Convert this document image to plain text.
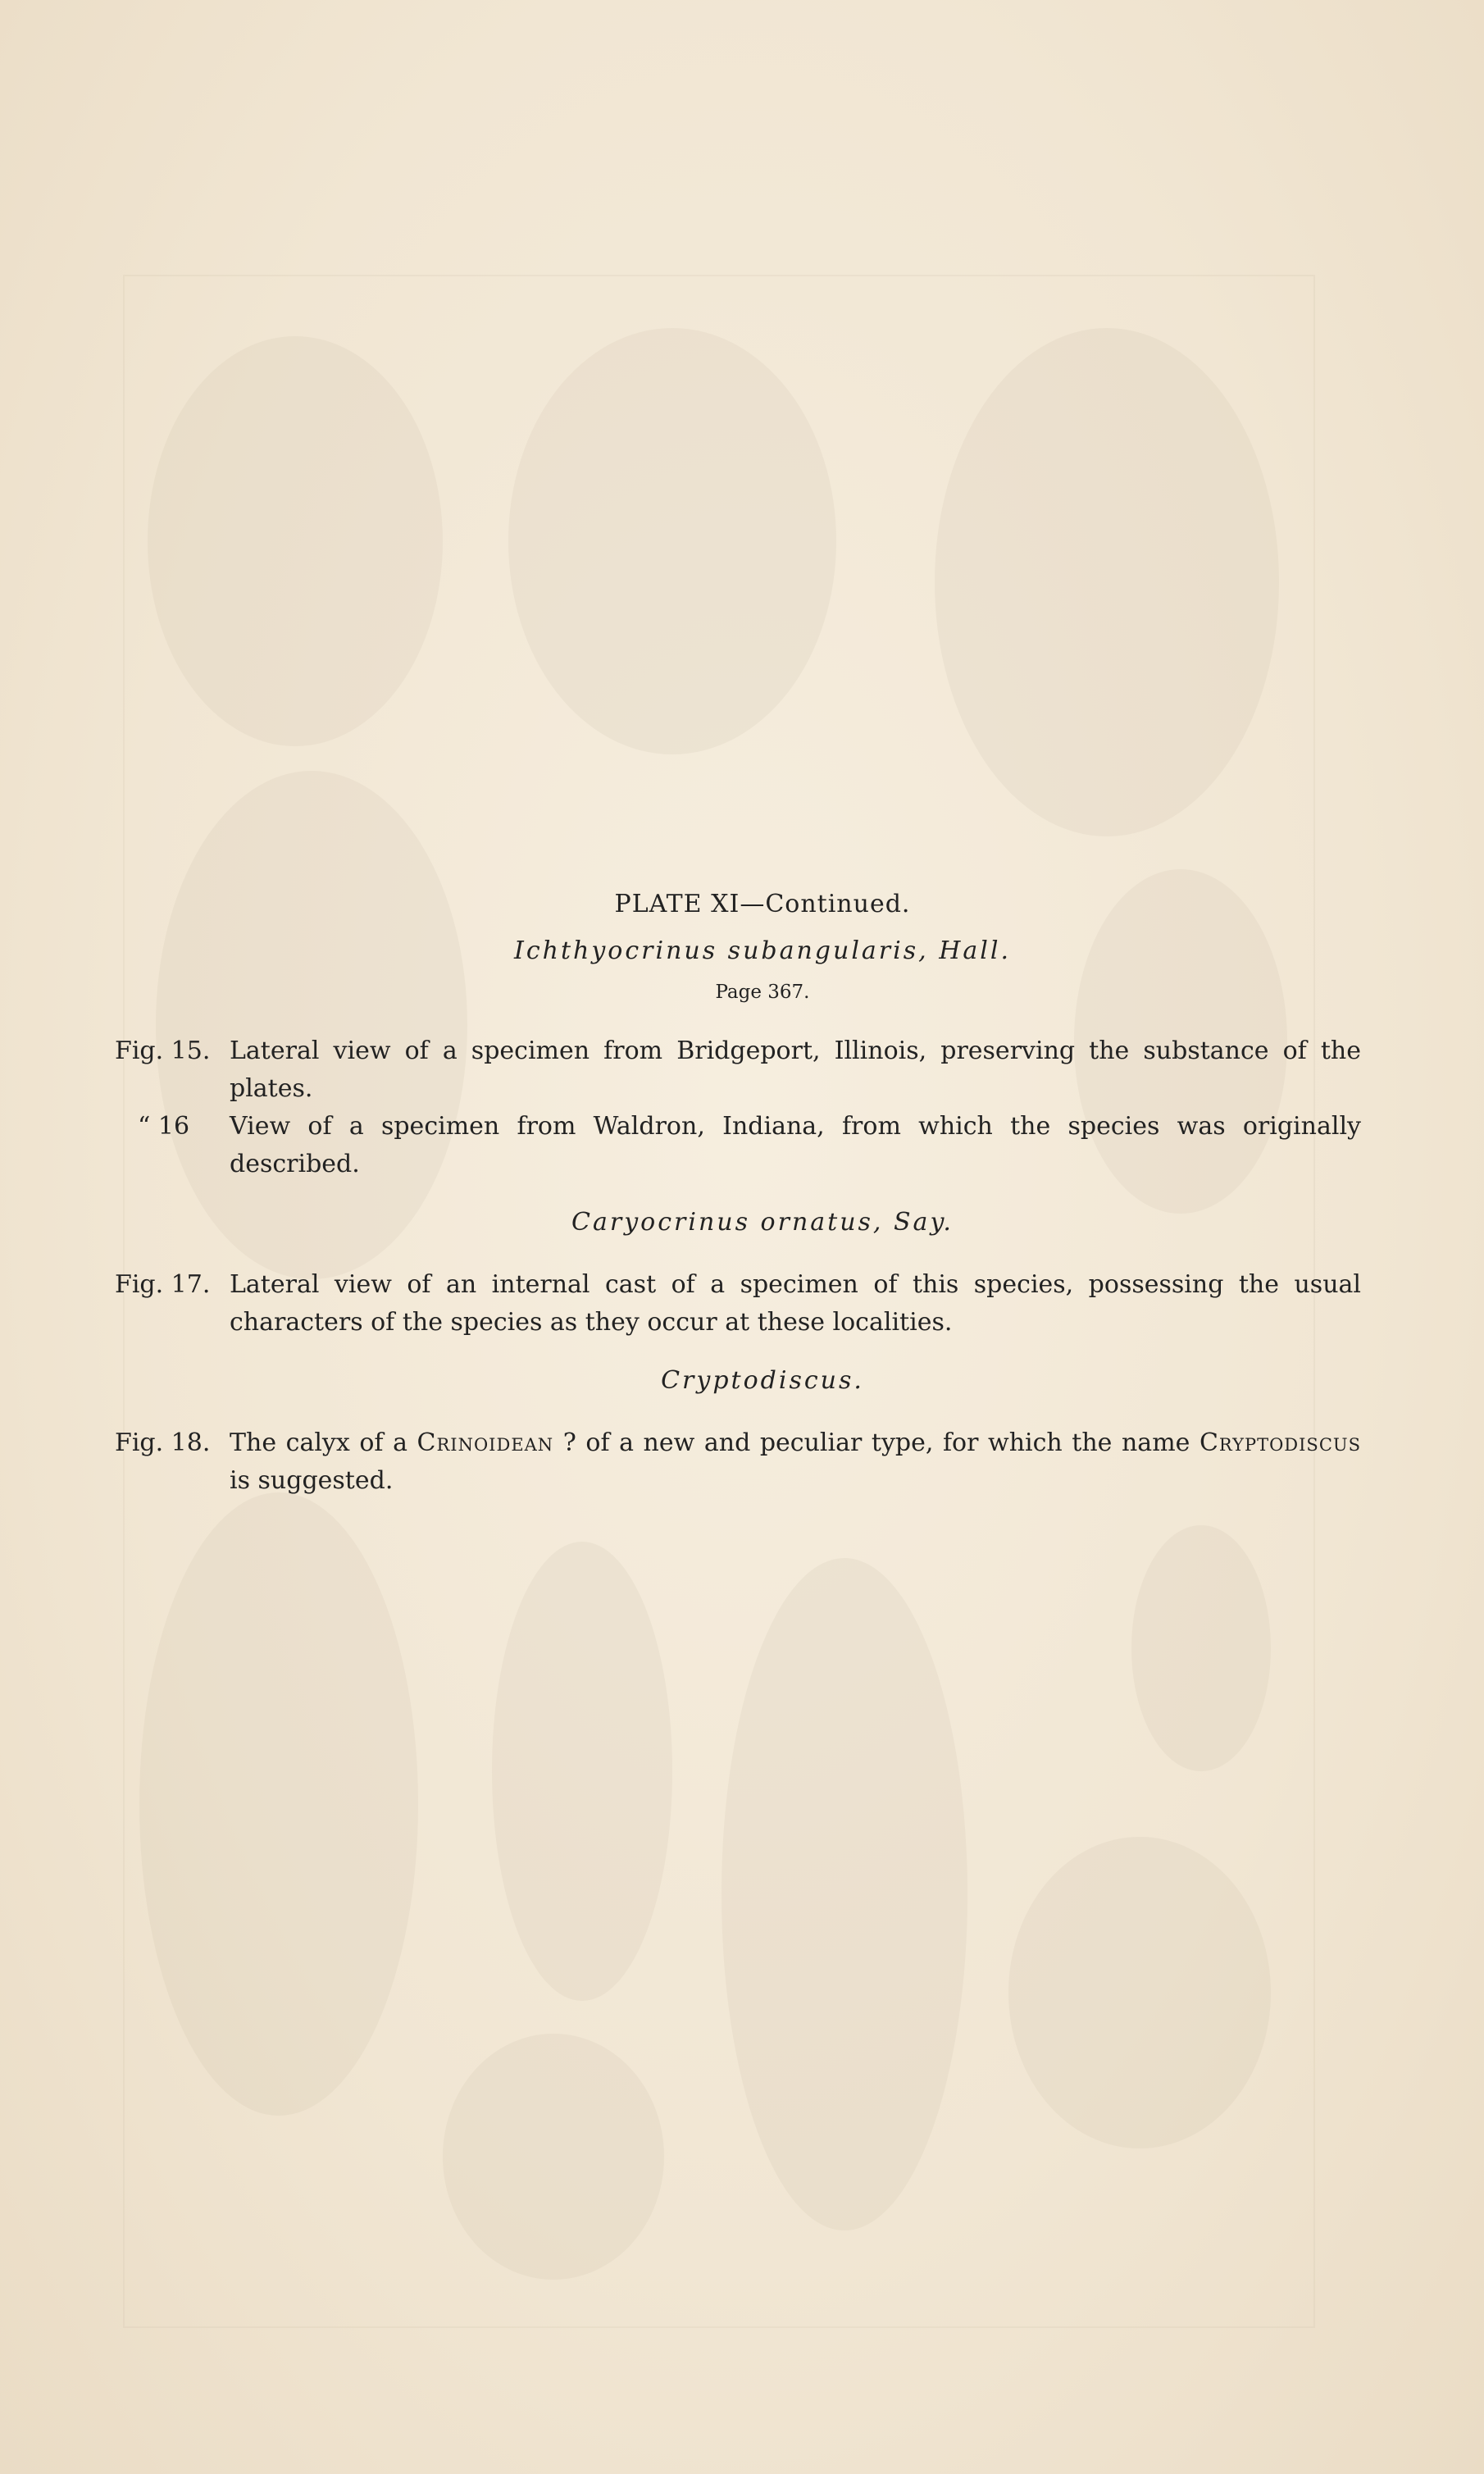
PLATE XI—Continued.
Ichthyocrinus subangularis, Hall.
Page 367.
Fig. 15. Lateral view of a specimen from Bridgeport, Illinois, preserving the substance of the plates.
“ 16 View of a specimen from Waldron, Indiana, from which the species was originally described.
Caryocrinus ornatus, Say.
Fig. 17. Lateral view of an internal cast of a specimen of this species, possessing the usual characters of the species as they occur at these localities.
Cryptodiscus.
Fig. 18. The calyx of a Crinoidean ? of a new and peculiar type, for which the name Cryptodiscus is suggested.
